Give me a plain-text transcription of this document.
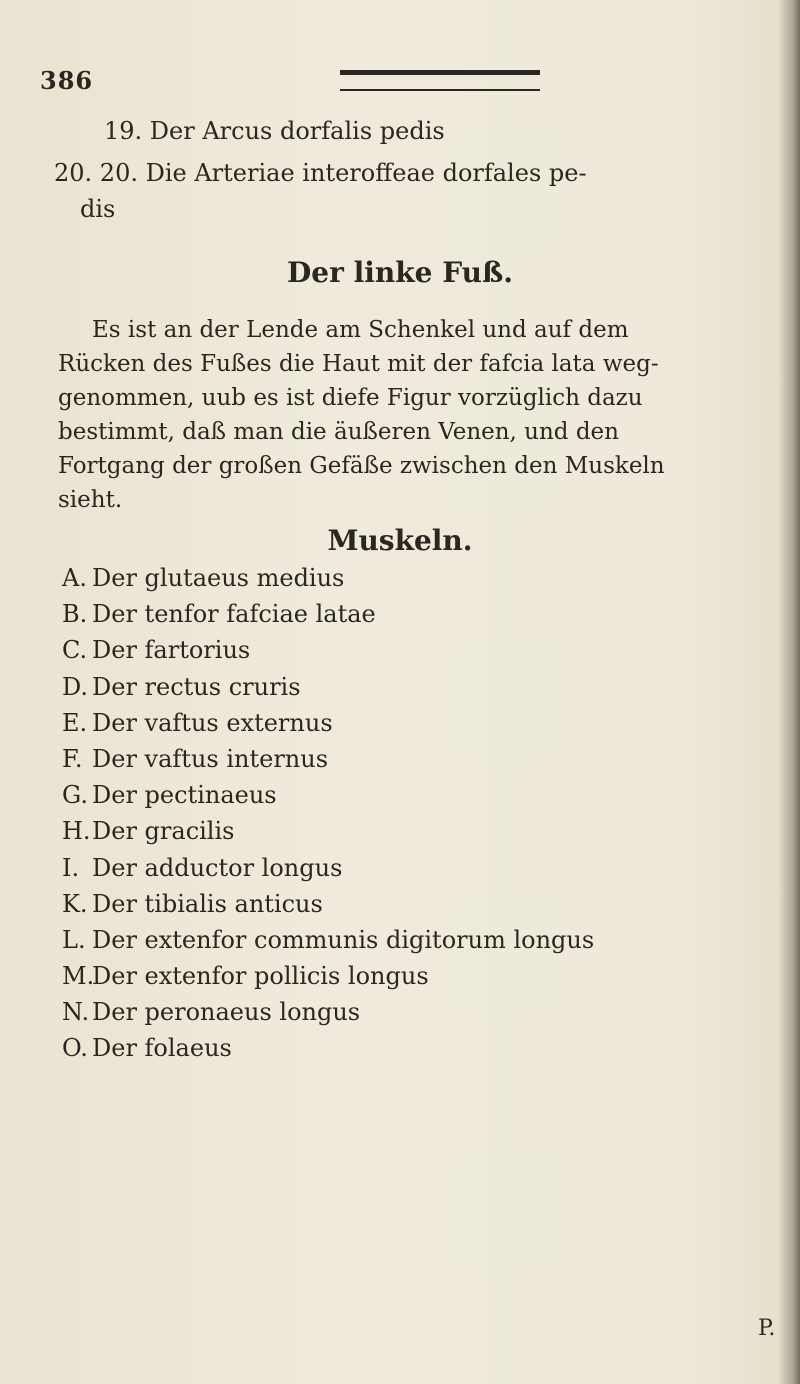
386
19. Der Arcus dorfalis pedis
20. 20. Die Arteriae interoffeae dorfales pe-
dis
Der linke Fuß.
Es ist an der Lende am Schenkel und auf dem
Rücken des Fußes die Haut mit der fafcia lata weg-
genommen, uub es ist diefe Figur vorzüglich dazu
bestimmt, daß man die äußeren Venen, und den
Fortgang der großen Gefäße zwischen den Muskeln
sieht.
Muskeln.
A. Der glutaeus medius
B. Der tenfor fafciae latae
C. Der fartorius
D. Der rectus cruris
E. Der vaftus externus
F. Der vaftus internus
G. Der pectinaeus
H.Der gracilis
I. Der adductor longus
K. Der tibialis anticus
L. Der extenfor communis digitorum longus
M.Der extenfor pollicis longus
N. Der peronaeus longus
O. Der folaeus
P.
